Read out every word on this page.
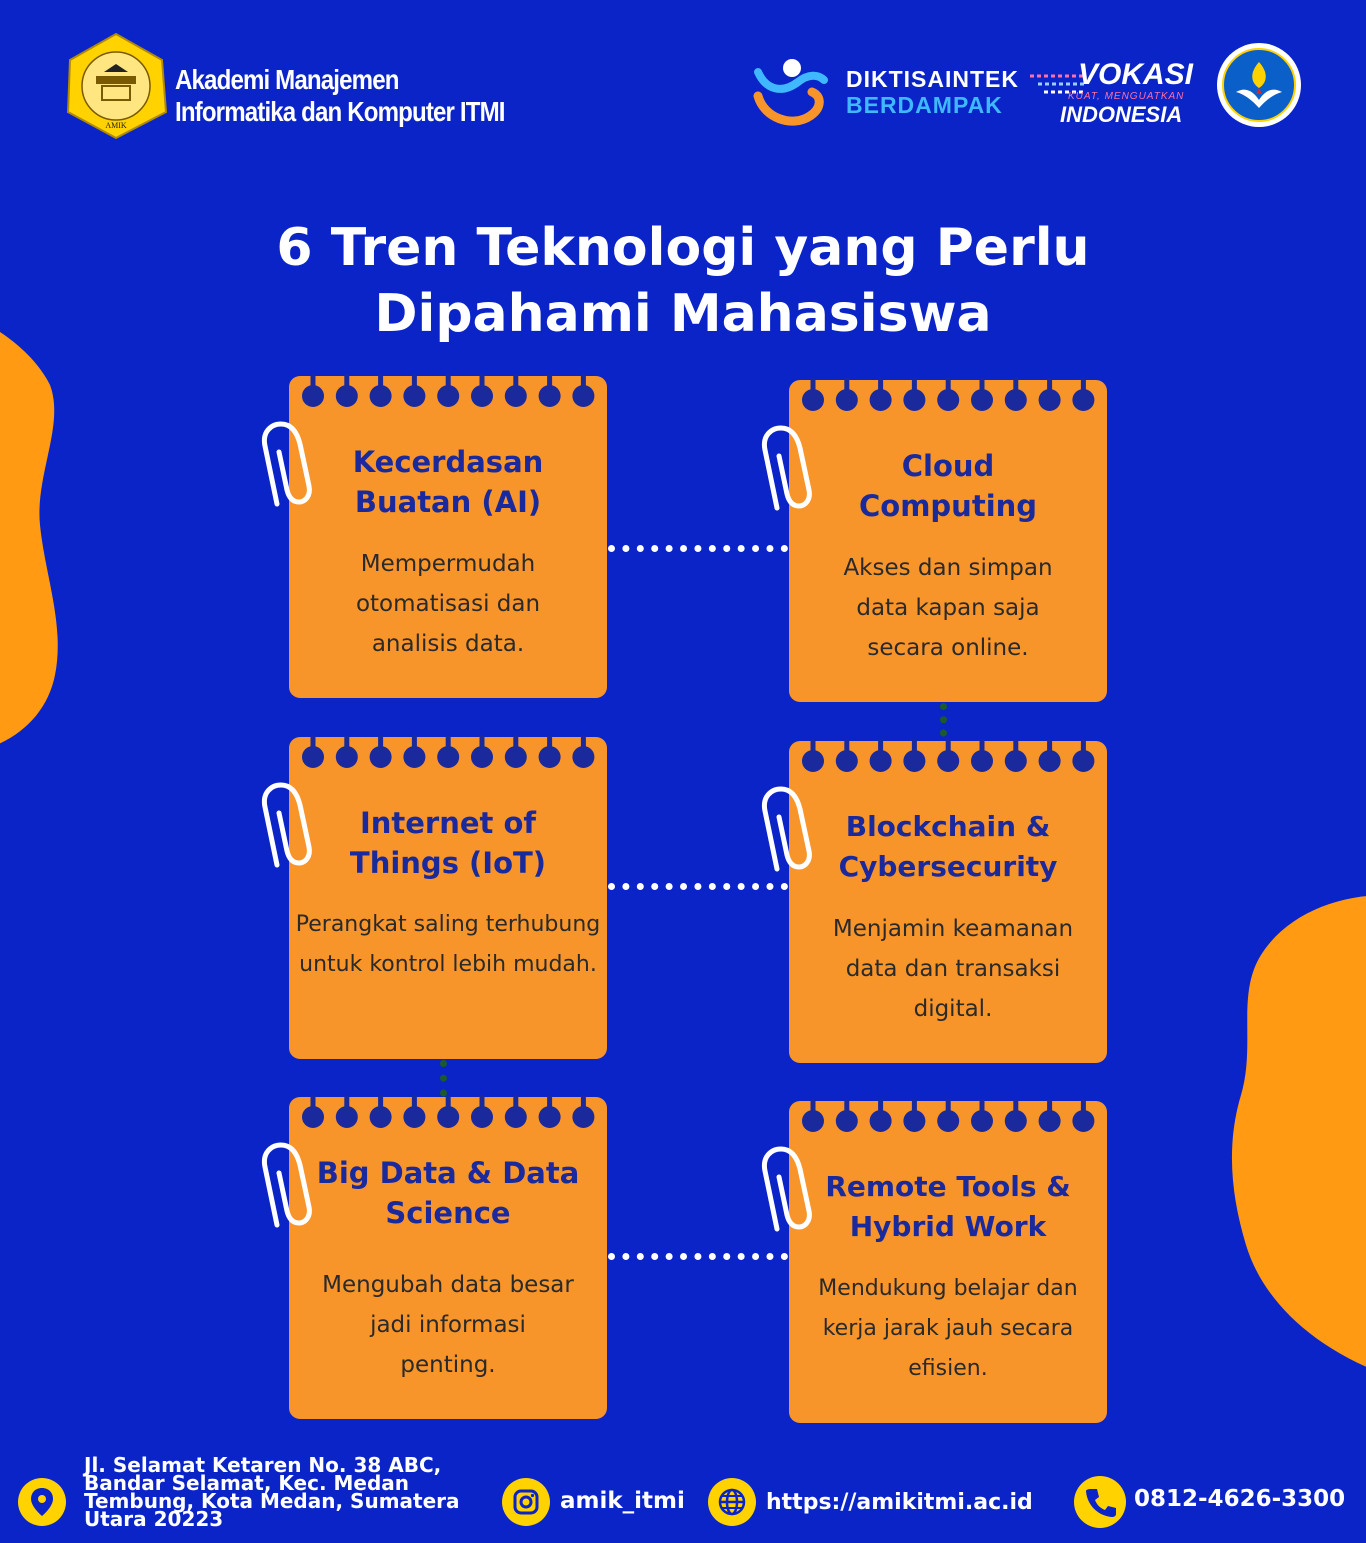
AMIK
Akademi Manajemen
Informatika dan Komputer ITMI
DIKTISAINTEK
BERDAMPAK
VOKASI
KUAT, MENGUATKAN
INDONESIA
6 Tren Teknologi yang Perlu
Dipahami Mahasiswa
Kecerdasan Buatan (AI)
Mempermudah otomatisasi dan analisis data.
Cloud Computing
Akses dan simpan data kapan saja secara online.
Internet of Things (IoT)
Perangkat saling terhubung untuk kontrol lebih mudah.
Blockchain & Cybersecurity
Menjamin keamanan data dan transaksi digital.
Big Data & Data Science
Mengubah data besar jadi informasi penting.
Remote Tools & Hybrid Work
Mendukung belajar dan kerja jarak jauh secara efisien.
Jl. Selamat Ketaren No. 38 ABC, Bandar Selamat, Kec. Medan Tembung, Kota Medan, Sumatera Utara 20223
amik_itmi	https://amikitmi.ac.id	0812-4626-3300
